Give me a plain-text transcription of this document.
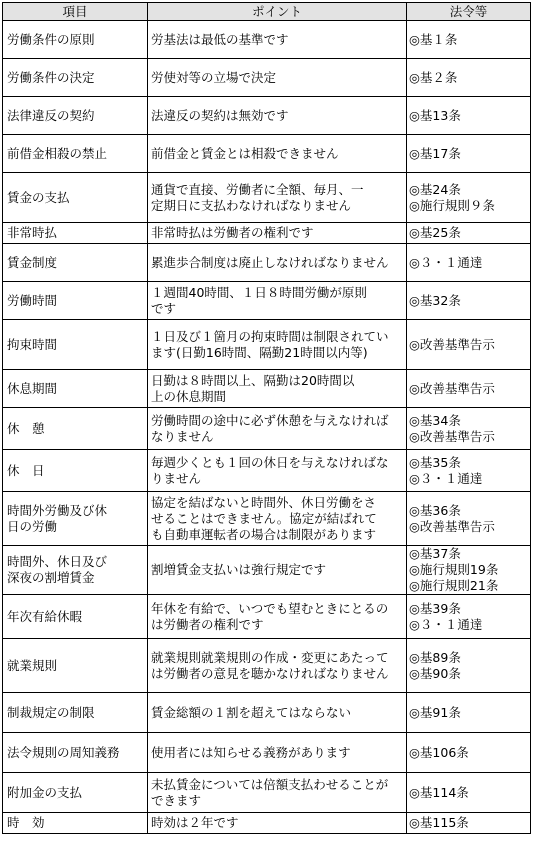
項目	ポイント	法令等
労働条件の原則	労基法は最低の基準です	◎基１条

労働条件の決定	労使対等の立場で決定	◎基２条

法律違反の契約	法違反の契約は無効です	◎基13条

前借金相殺の禁止	前借金と賃金とは相殺できません	◎基17条

賃金の支払	通貨で直接、労働者に全額、毎月、一
定期日に支払わなければなりません	◎基24条
◎施行規則９条

非常時払	非常時払は労働者の権利です	◎基25条

賃金制度	累進歩合制度は廃止しなければなりません	◎３・１通達

労働時間	１週間40時間、１日８時間労働が原則
です	◎基32条

拘束時間	１日及び１箇月の拘束時間は制限されてい
ます(日勤16時間、隔勤21時間以内等)	◎改善基準告示

休息期間	日勤は８時間以上、隔勤は20時間以
上の休息期間	◎改善基準告示

休　憩	労働時間の途中に必ず休憩を与えなければ
なりません	◎基34条
◎改善基準告示

休　日	毎週少くとも１回の休日を与えなければな
りません	◎基35条
◎３・１通達

時間外労働及び休
日の労働	協定を結ばないと時間外、休日労働をさ
せることはできません。協定が結ばれて
も自動車運転者の場合は制限があります	◎基36条
◎改善基準告示

時間外、休日及び
深夜の割増賃金	割増賃金支払いは強行規定です	◎基37条
◎施行規則19条
◎施行規則21条

年次有給休暇	年休を有給で、いつでも望むときにとるの
は労働者の権利です	◎基39条
◎３・１通達

就業規則	就業規則就業規則の作成・変更にあたって
は労働者の意見を聴かなければなりません	◎基89条
◎基90条

制裁規定の制限	賃金総額の１割を超えてはならない	◎基91条

法令規則の周知義務	使用者には知らせる義務があります	◎基106条

附加金の支払	未払賃金については倍額支払わせることが
できます	◎基114条

時　効	時効は２年です	◎基115条
